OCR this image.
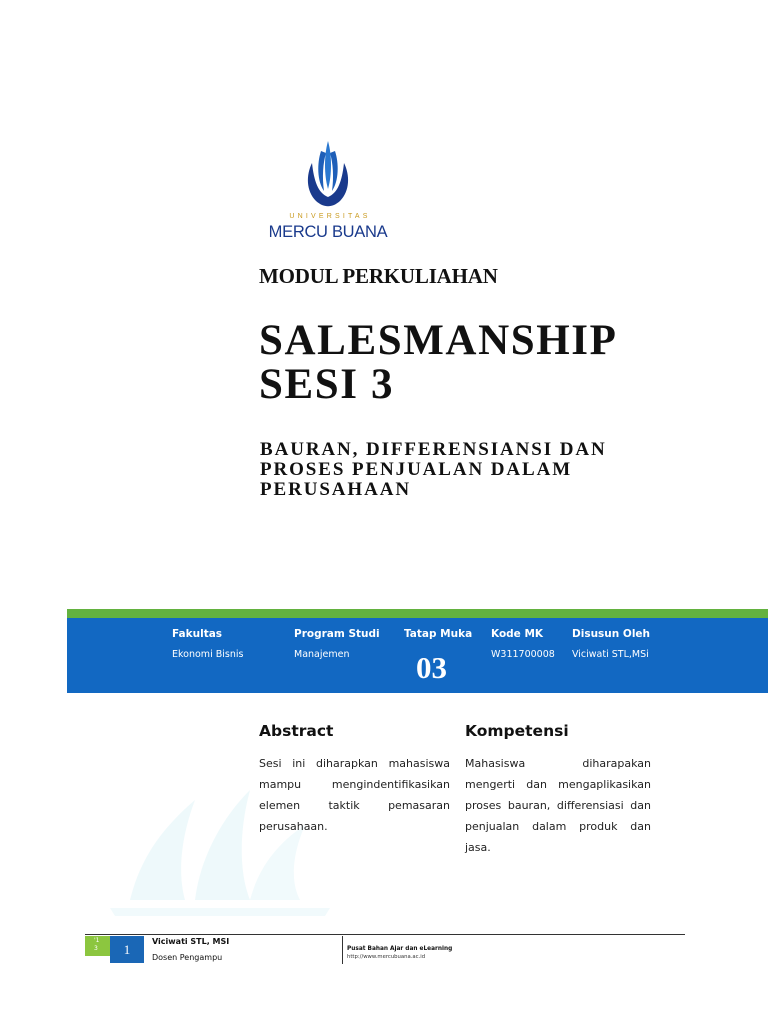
UNIVERSITAS
MERCU BUANA
MODUL PERKULIAHAN
SALESMANSHIP
SESI 3
BAURAN, DIFFERENSIANSI DAN
PROSES PENJUALAN DALAM
PERUSAHAAN
Fakultas
Ekonomi Bisnis
Program Studi
Manajemen
Tatap Muka
03
Kode MK
W311700008
Disusun Oleh
Viciwati STL,MSi
Abstract
Sesi ini diharapkan mahasiswa
mampu mengindentifikasikan
elemen taktik pemasaran
perusahaan.
Kompetensi
Mahasiswa diharapakan
mengerti dan mengaplikasikan
proses bauran, differensiasi dan
penjualan dalam produk dan
jasa.
'1
3	1
Viciwati STL, MSI
Dosen Pengampu
Pusat Bahan Ajar dan eLearning
http://www.mercubuana.ac.id
